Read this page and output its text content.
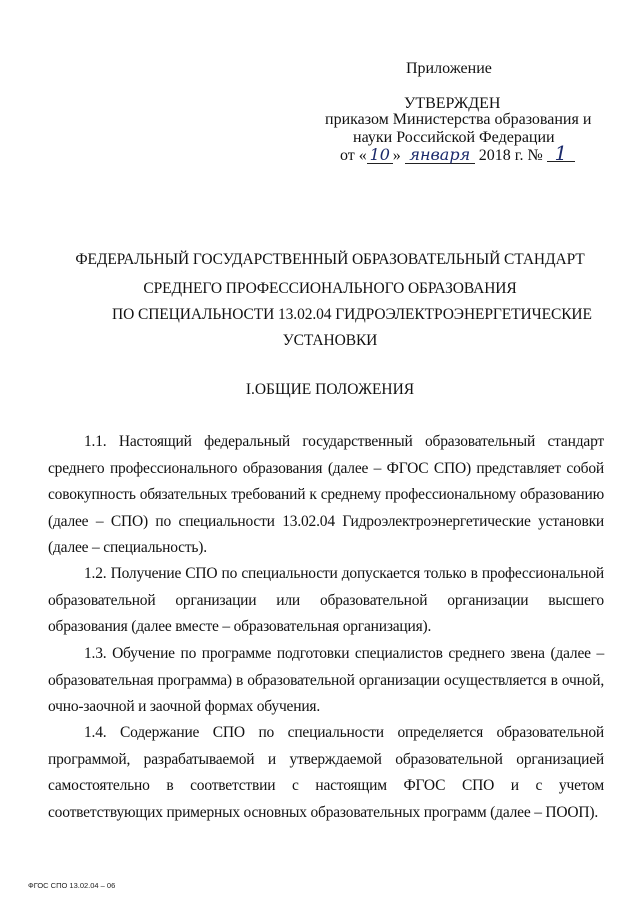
Приложение
УТВЕРЖДЕН
приказом Министерства образования и
науки Российской Федерации
от « 10 » января 2018 г. № 1
ФЕДЕРАЛЬНЫЙ ГОСУДАРСТВЕННЫЙ ОБРАЗОВАТЕЛЬНЫЙ СТАНДАРТ
СРЕДНЕГО ПРОФЕССИОНАЛЬНОГО ОБРАЗОВАНИЯ
ПО СПЕЦИАЛЬНОСТИ 13.02.04 ГИДРОЭЛЕКТРОЭНЕРГЕТИЧЕСКИЕ
УСТАНОВКИ
I.ОБЩИЕ ПОЛОЖЕНИЯ
1.1. Настоящий федеральный государственный образовательный стандарт среднего профессионального образования (далее – ФГОС СПО) представляет собой совокупность обязательных требований к среднему профессиональному образованию (далее – СПО) по специальности 13.02.04 Гидроэлектроэнергетические установки (далее – специальность).
1.2. Получение СПО по специальности допускается только в профессиональной образовательной организации или образовательной организации высшего образования (далее вместе – образовательная организация).
1.3. Обучение по программе подготовки специалистов среднего звена (далее – образовательная программа) в образовательной организации осуществляется в очной, очно-заочной и заочной формах обучения.
1.4. Содержание СПО по специальности определяется образовательной программой, разрабатываемой и утверждаемой образовательной организацией самостоятельно в соответствии с настоящим ФГОС СПО и с учетом соответствующих примерных основных образовательных программ (далее – ПООП).
ФГОС СПО 13.02.04 – 06
